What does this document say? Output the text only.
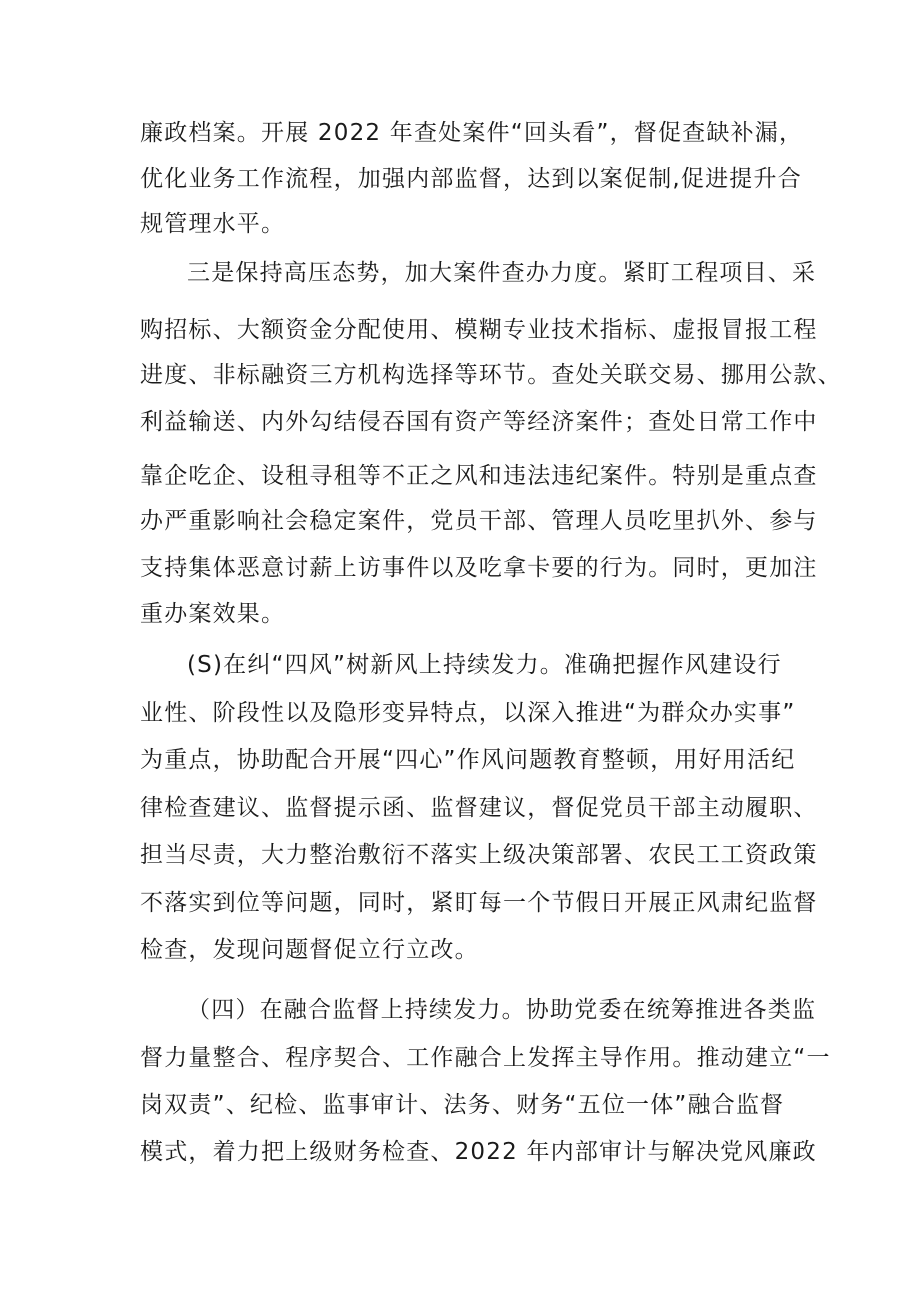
廉政档案。开展 2022 年查处案件“回头看”，督促查缺补漏，
优化业务工作流程，加强内部监督，达到以案促制,促进提升合
规管理水平。
三是保持高压态势，加大案件查办力度。紧盯工程项目、采
购招标、大额资金分配使用、模糊专业技术指标、虚报冒报工程
进度、非标融资三方机构选择等环节。查处关联交易、挪用公款、
利益输送、内外勾结侵吞国有资产等经济案件；查处日常工作中
靠企吃企、设租寻租等不正之风和违法违纪案件。特别是重点查
办严重影响社会稳定案件，党员干部、管理人员吃里扒外、参与
支持集体恶意讨薪上访事件以及吃拿卡要的行为。同时，更加注
重办案效果。
(S)在纠“四风”树新风上持续发力。准确把握作风建设行
业性、阶段性以及隐形变异特点，以深入推进“为群众办实事”
为重点，协助配合开展“四心”作风问题教育整顿，用好用活纪
律检查建议、监督提示函、监督建议，督促党员干部主动履职、
担当尽责，大力整治敷衍不落实上级决策部署、农民工工资政策
不落实到位等问题，同时，紧盯每一个节假日开展正风肃纪监督
检查，发现问题督促立行立改。
（四）在融合监督上持续发力。协助党委在统筹推进各类监
督力量整合、程序契合、工作融合上发挥主导作用。推动建立“一
岗双责”、纪检、监事审计、法务、财务“五位一体”融合监督
模式，着力把上级财务检查、2022 年内部审计与解决党风廉政
